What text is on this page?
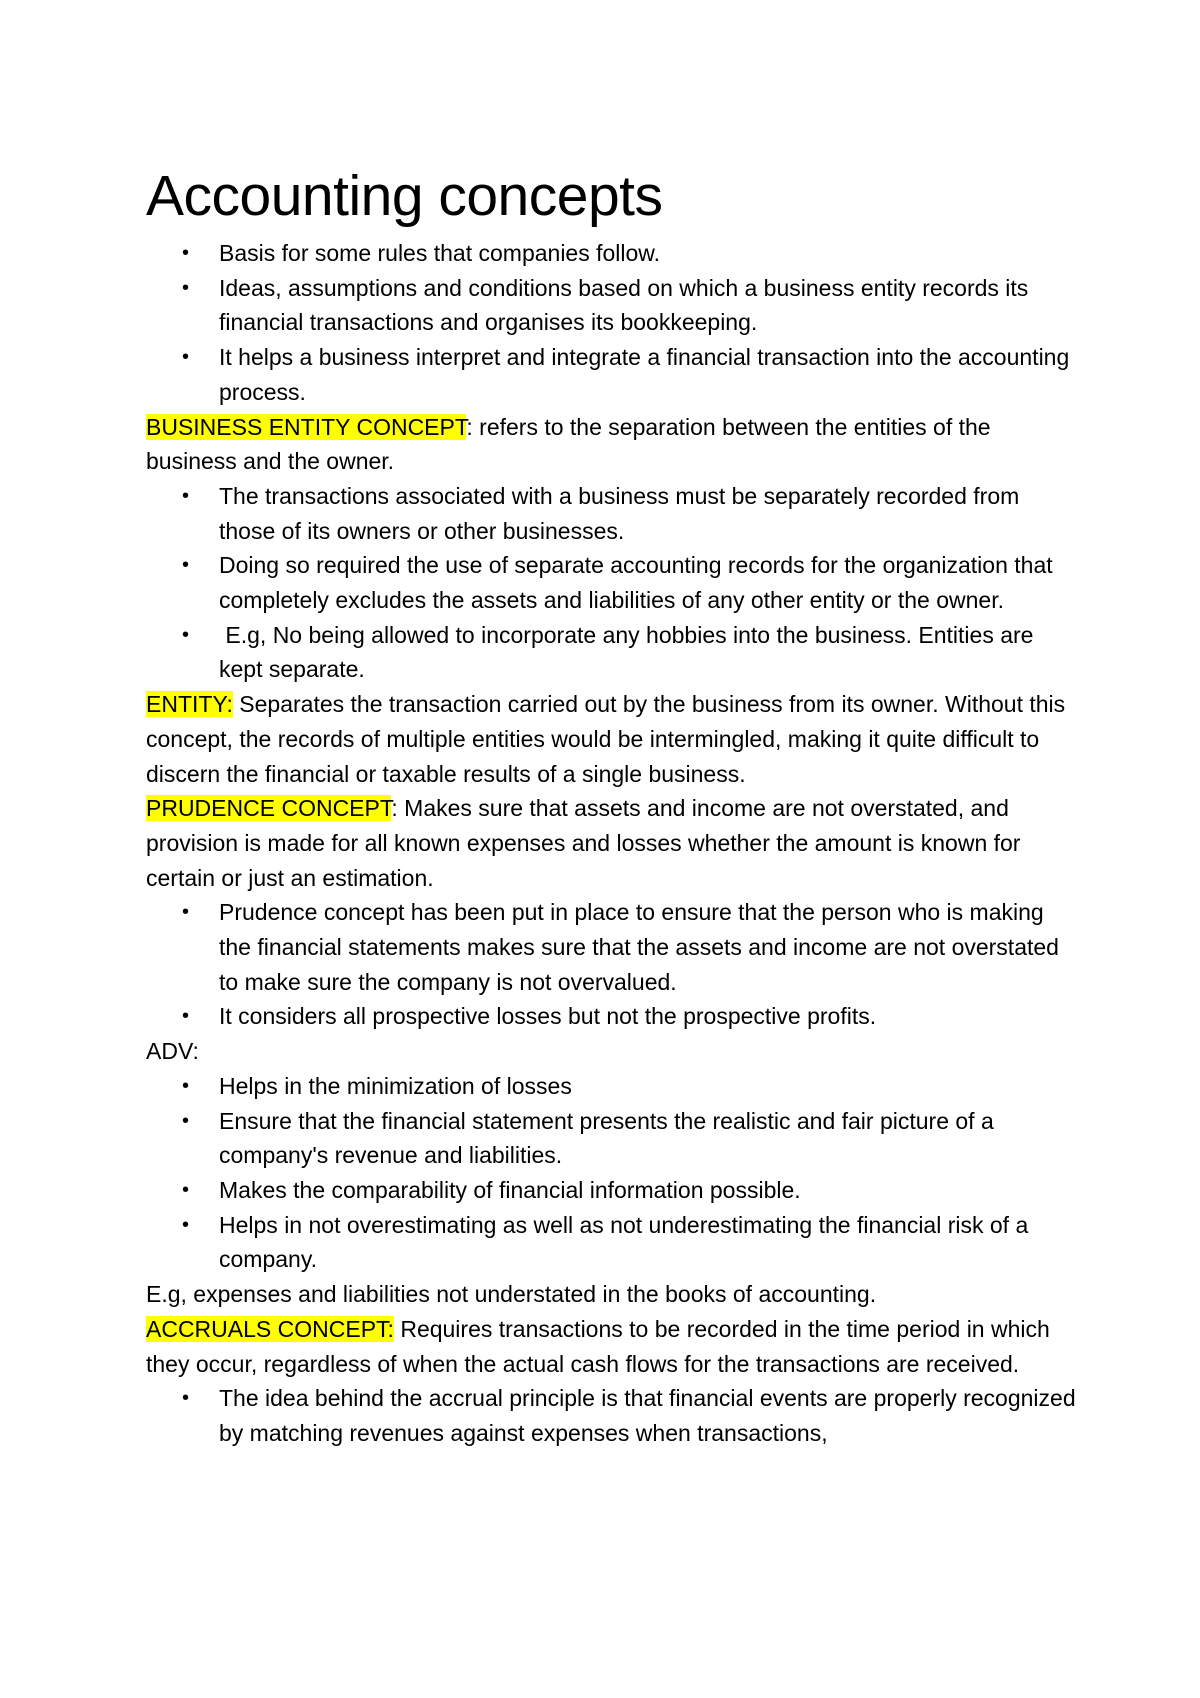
Accounting concepts
• Basis for some rules that companies follow.
• Ideas, assumptions and conditions based on which a business entity records its financial transactions and organises its bookkeeping.
• It helps a business interpret and integrate a financial transaction into the accounting process.

BUSINESS ENTITY CONCEPT: refers to the separation between the entities of the business and the owner.

• The transactions associated with a business must be separately recorded from those of its owners or other businesses.
• Doing so required the use of separate accounting records for the organization that completely excludes the assets and liabilities of any other entity or the owner.
•  E.g, No being allowed to incorporate any hobbies into the business. Entities are kept separate.

ENTITY: Separates the transaction carried out by the business from its owner. Without this concept, the records of multiple entities would be intermingled, making it quite difficult to discern the financial or taxable results of a single business.

PRUDENCE CONCEPT: Makes sure that assets and income are not overstated, and provision is made for all known expenses and losses whether the amount is known for certain or just an estimation.

• Prudence concept has been put in place to ensure that the person who is making the financial statements makes sure that the assets and income are not overstated to make sure the company is not overvalued.
• It considers all prospective losses but not the prospective profits.

ADV:

• Helps in the minimization of losses
• Ensure that the financial statement presents the realistic and fair picture of a company's revenue and liabilities.
• Makes the comparability of financial information possible.
• Helps in not overestimating as well as not underestimating the financial risk of a company.

E.g, expenses and liabilities not understated in the books of accounting.

ACCRUALS CONCEPT: Requires transactions to be recorded in the time period in which they occur, regardless of when the actual cash flows for the transactions are received.

• The idea behind the accrual principle is that financial events are properly recognized by matching revenues against expenses when transactions,
